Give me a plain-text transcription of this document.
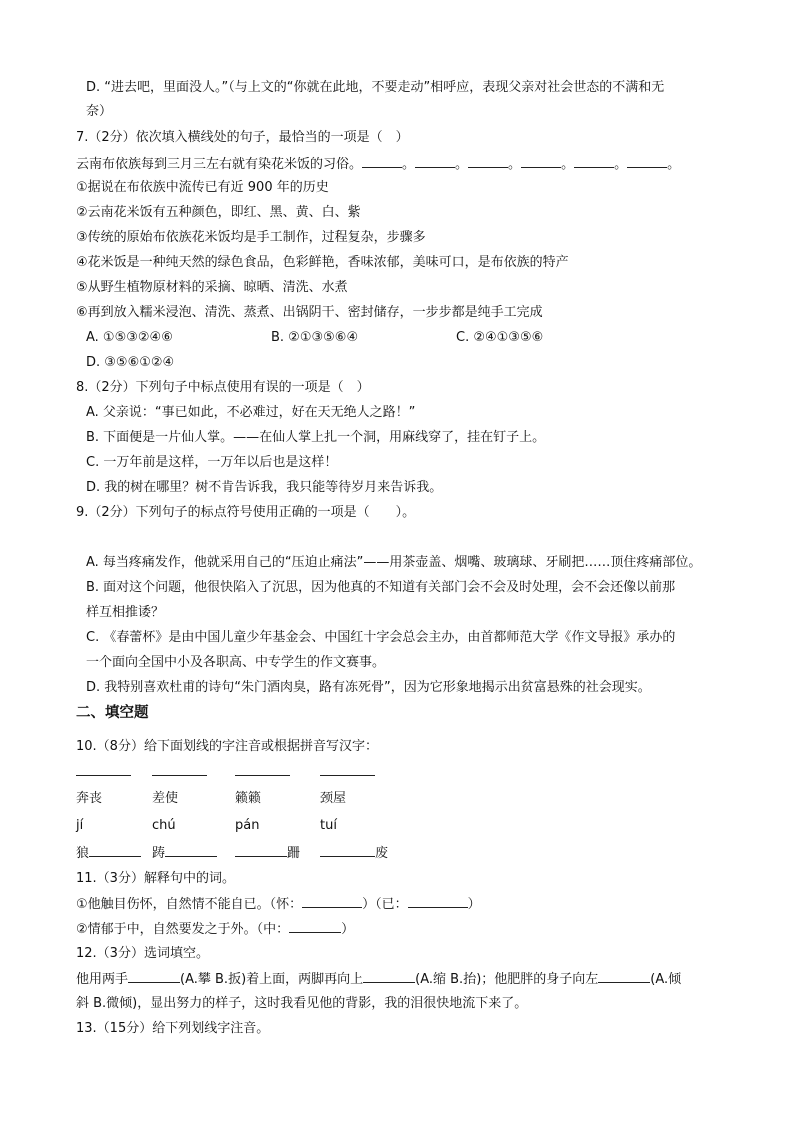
D. “进去吧，里面没人。”（与上文的“你就在此地，不要走动”相呼应，表现父亲对社会世态的不满和无
奈）
7.（2分）依次填入横线处的句子，最恰当的一项是（　）
云南布依族每到三月三左右就有染花米饭的习俗。	。	。	。	。	。	。
①据说在布依族中流传已有近 900 年的历史
②云南花米饭有五种颜色，即红、黑、黄、白、紫
③传统的原始布依族花米饭均是手工制作，过程复杂，步骤多
④花米饭是一种纯天然的绿色食品，色彩鲜艳，香味浓郁，美味可口，是布依族的特产
⑤从野生植物原材料的采摘、晾晒、清洗、水煮
⑥再到放入糯米浸泡、清洗、蒸煮、出锅阴干、密封储存，一步步都是纯手工完成
A. ①⑤③②④⑥	B. ②①③⑤⑥④	C. ②④①③⑤⑥
D. ③⑤⑥①②④
8.（2分）下列句子中标点使用有误的一项是（　）
A. 父亲说：“事已如此，不必难过，好在天无绝人之路！”
B. 下面便是一片仙人掌。——在仙人掌上扎一个洞，用麻线穿了，挂在钉子上。
C. 一万年前是这样，一万年以后也是这样！
D. 我的树在哪里？树不肯告诉我，我只能等待岁月来告诉我。
9.（2分）下列句子的标点符号使用正确的一项是（　　）。
A. 每当疼痛发作，他就采用自己的“压迫止痛法”——用茶壶盖、烟嘴、玻璃球、牙刷把……顶住疼痛部位。
B. 面对这个问题，他很快陷入了沉思，因为他真的不知道有关部门会不会及时处理，会不会还像以前那
样互相推诿？
C. 《春蕾杯》是由中国儿童少年基金会、中国红十字会总会主办，由首都师范大学《作文导报》承办的
一个面向全国中小及各职高、中专学生的作文赛事。
D. 我特别喜欢杜甫的诗句“朱门酒肉臭，路有冻死骨”，因为它形象地揭示出贫富悬殊的社会现实。
二、填空题
10.（8分）给下面划线的字注音或根据拼音写汉字：
奔丧	差使	籁籁	颈屋
jí	chú	pán	tuí
狼	踌	跚	废
11.（3分）解释句中的词。
①他触目伤怀，自然情不能自已。（怀：	）（已：	）
②情郁于中，自然要发之于外。（中：	）
12.（3分）选词填空。
他用两手	(A.攀 B.扳)着上面，两脚再向上	(A.缩 B.抬)；他肥胖的身子向左	(A.倾
斜 B.微倾)，显出努力的样子，这时我看见他的背影，我的泪很快地流下来了。
13.（15分）给下列划线字注音。
